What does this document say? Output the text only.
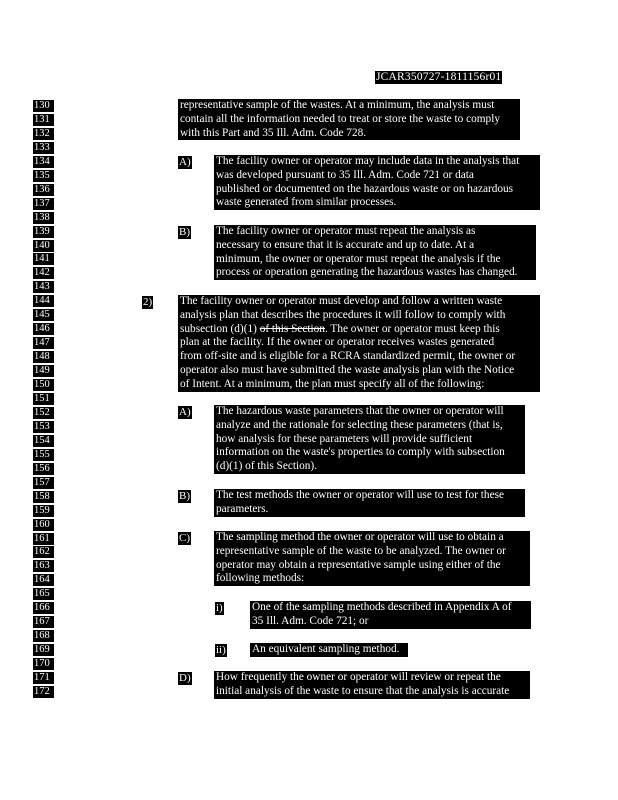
.	.
JCAR350727-1811156r01
130
131
132
133
134
135
136
137
138
139
140
141
142
143
144
145
146
147
148
149
150
151
152
153
154
155
156
157
158
159
160
161
162
163
164
165
166
167
168
169
170
171
172
2)
A)
B)
A)
B)
C)
i)
ii)
D)
representative sample of the wastes. At a minimum, the analysis must
contain all the information needed to treat or store the waste to comply
with this Part and 35 Ill. Adm. Code 728.
The facility owner or operator may include data in the analysis that
was developed pursuant to 35 Ill. Adm. Code 721 or data
published or documented on the hazardous waste or on hazardous
waste generated from similar processes.
The facility owner or operator must repeat the analysis as
necessary to ensure that it is accurate and up to date. At a
minimum, the owner or operator must repeat the analysis if the
process or operation generating the hazardous wastes has changed.
The facility owner or operator must develop and follow a written waste
analysis plan that describes the procedures it will follow to comply with
subsection (d)(1) of this Section. The owner or operator must keep this
plan at the facility. If the owner or operator receives wastes generated
from off-site and is eligible for a RCRA standardized permit, the owner or
operator also must have submitted the waste analysis plan with the Notice
of Intent. At a minimum, the plan must specify all of the following:
The hazardous waste parameters that the owner or operator will
analyze and the rationale for selecting these parameters (that is,
how analysis for these parameters will provide sufficient
information on the waste's properties to comply with subsection
(d)(1) of this Section).
The test methods the owner or operator will use to test for these
parameters.
The sampling method the owner or operator will use to obtain a
representative sample of the waste to be analyzed. The owner or
operator may obtain a representative sample using either of the
following methods:
One of the sampling methods described in Appendix A of
35 Ill. Adm. Code 721; or
An equivalent sampling method.
How frequently the owner or operator will review or repeat the
initial analysis of the waste to ensure that the analysis is accurate
